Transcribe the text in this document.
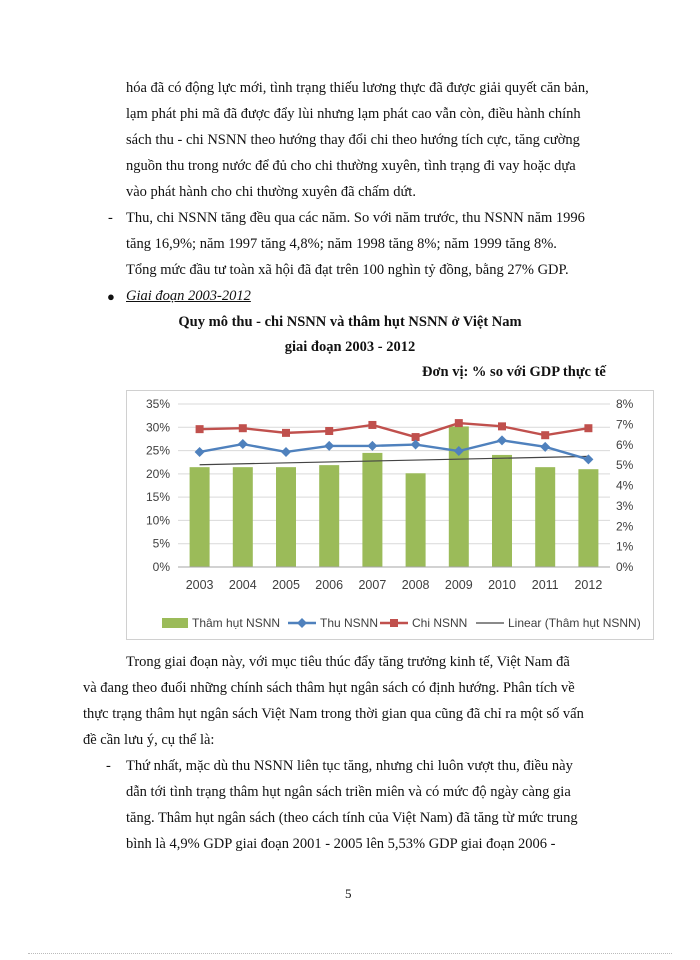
hóa đã có động lực mới, tình trạng thiếu lương thực đã được giải quyết căn bản,
lạm phát phi mã đã được đẩy lùi nhưng lạm phát cao vẫn còn, điều hành chính
sách thu - chi NSNN theo hướng thay đổi chi theo hướng tích cực, tăng cường
nguồn thu trong nước để đủ cho chi thường xuyên, tình trạng đi vay hoặc dựa
vào phát hành cho chi thường xuyên đã chấm dứt.
- Thu, chi NSNN tăng đều qua các năm. So với năm trước, thu NSNN năm 1996
tăng 16,9%; năm 1997 tăng 4,8%; năm 1998 tăng 8%; năm 1999 tăng 8%.
Tổng mức đầu tư toàn xã hội đã đạt trên 100 nghìn tỷ đồng, bằng 27% GDP.
● Giai đoạn 2003-2012
Quy mô thu - chi NSNN và thâm hụt NSNN ở Việt Nam
giai đoạn 2003 - 2012
Đơn vị: % so với GDP thực tế
0%
5%
10%
15%
20%
25%
30%
35%
0%
1%
2%
3%
4%
5%
6%
7%
8%
2003 2004 2005 2006 2007 2008 2009 2010 2011 2012
Thâm hụt NSNN	Thu NSNN	Chi NSNN	Linear (Thâm hụt NSNN)
Trong giai đoạn này, với mục tiêu thúc đẩy tăng trưởng kinh tế, Việt Nam đã
và đang theo đuổi những chính sách thâm hụt ngân sách có định hướng. Phân tích về
thực trạng thâm hụt ngân sách Việt Nam trong thời gian qua cũng đã chỉ ra một số vấn
đề cần lưu ý, cụ thể là:
- Thứ nhất, mặc dù thu NSNN liên tục tăng, nhưng chi luôn vượt thu, điều này
dẫn tới tình trạng thâm hụt ngân sách triền miên và có mức độ ngày càng gia
tăng. Thâm hụt ngân sách (theo cách tính của Việt Nam) đã tăng từ mức trung
bình là 4,9% GDP giai đoạn 2001 - 2005 lên 5,53% GDP giai đoạn 2006 -
5
